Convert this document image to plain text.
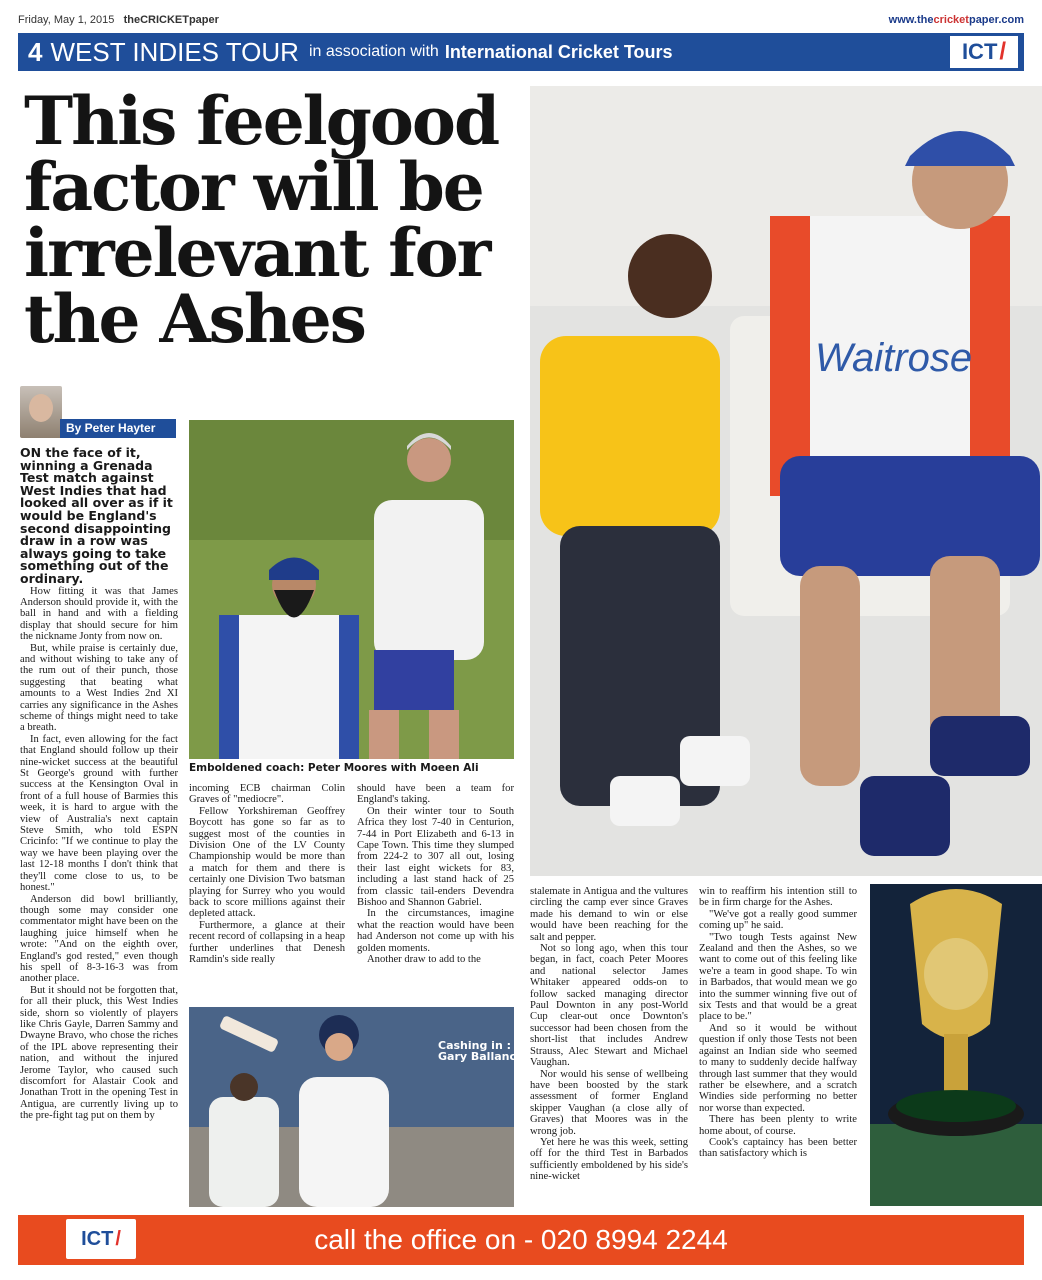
Friday, May 1, 2015 theCRICKETpaper	www.thecricketpaper.com
4 WEST INDIES TOUR in association with International Cricket Tours	ICT /
This feelgood factor will be irrelevant for the Ashes
By Peter Hayter

ON the face of it, winning a Grenada Test match against West Indies that had looked all over as if it would be England's second disappointing draw in a row was always going to take something out of the ordinary.

How fitting it was that James Anderson should provide it, with the ball in hand and with a fielding display that should secure for him the nickname Jonty from now on.

But, while praise is certainly due, and without wishing to take any of the rum out of their punch, those suggesting that beating what amounts to a West Indies 2nd XI carries any significance in the Ashes scheme of things might need to take a breath.

In fact, even allowing for the fact that England should follow up their nine-wicket success at the beautiful St George's ground with further success at the Kensington Oval in front of a full house of Barmies this week, it is hard to argue with the view of Australia's next captain Steve Smith, who told ESPN Cricinfo: "If we continue to play the way we have been playing over the last 12-18 months I don't think that they'll come close to us, to be honest."

Anderson did bowl brilliantly, though some may consider one commentator might have been on the laughing juice himself when he wrote: "And on the eighth over, England's god rested," even though his spell of 8-3-16-3 was from another place.

But it should not be forgotten that, for all their pluck, this West Indies side, shorn so violently of players like Chris Gayle, Darren Sammy and Dwayne Bravo, who chose the riches of the IPL above representing their nation, and without the injured Jerome Taylor, who caused such discomfort for Alastair Cook and Jonathan Trott in the opening Test in Antigua, are currently living up to the pre-fight tag put on them by

Emboldened coach: Peter Moores with Moeen Ali

incoming ECB chairman Colin Graves of "mediocre".

Fellow Yorkshireman Geoffrey Boycott has gone so far as to suggest most of the counties in Division One of the LV County Championship would be more than a match for them and there is certainly one Division Two batsman playing for Surrey who you would back to score millions against their depleted attack.

Furthermore, a glance at their recent record of collapsing in a heap further underlines that Denesh Ramdin's side really

should have been a team for England's taking.

On their winter tour to South Africa they lost 7-40 in Centurion, 7-44 in Port Elizabeth and 6-13 in Cape Town. This time they slumped from 224-2 to 307 all out, losing their last eight wickets for 83, including a last stand hack of 25 from classic tail-enders Devendra Bishoo and Shannon Gabriel.

In the circumstances, imagine what the reaction would have been had Anderson not come up with his golden moments.

Another draw to add to the

Cashing in :
Gary Ballance
Waitrose

stalemate in Antigua and the vultures circling the camp ever since Graves made his demand to win or else would have been reaching for the salt and pepper.

Not so long ago, when this tour began, in fact, coach Peter Moores and national selector James Whitaker appeared odds-on to follow sacked managing director Paul Downton in any post-World Cup clear-out once Downton's successor had been chosen from the short-list that includes Andrew Strauss, Alec Stewart and Michael Vaughan.

Nor would his sense of wellbeing have been boosted by the stark assessment of former England skipper Vaughan (a close ally of Graves) that Moores was in the wrong job.

Yet here he was this week, setting off for the third Test in Barbados sufficiently emboldened by his side's nine-wicket

win to reaffirm his intention still to be in firm charge for the Ashes.

"We've got a really good summer coming up" he said.

"Two tough Tests against New Zealand and then the Ashes, so we want to come out of this feeling like we're a team in good shape. To win in Barbados, that would mean we go into the summer winning five out of six Tests and that would be a great place to be."

And so it would be without question if only those Tests not been against an Indian side who seemed to many to suddenly decide halfway through last summer that they would rather be elsewhere, and a scratch Windies side performing no better nor worse than expected.

There has been plenty to write home about, of course.

Cook's captaincy has been better than satisfactory which is

call the office on - 020 8994 2244
ICT /
